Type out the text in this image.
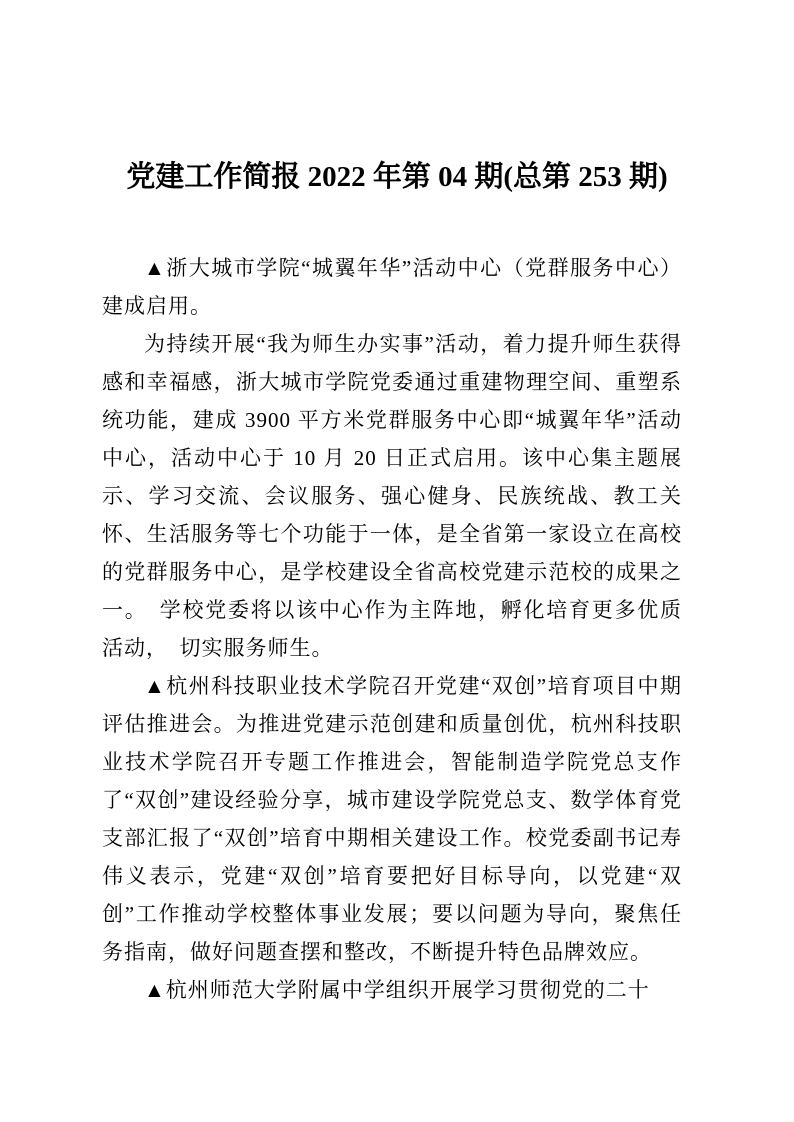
党建工作简报 2022 年第 04 期(总第 253 期)

▲浙大城市学院“城翼年华”活动中心（党群服务中心）建成启用。

为持续开展“我为师生办实事”活动，着力提升师生获得感和幸福感，浙大城市学院党委通过重建物理空间、重塑系统功能，建成 3900 平方米党群服务中心即“城翼年华”活动中心，活动中心于 10 月 20 日正式启用。该中心集主题展示、学习交流、会议服务、强心健身、民族统战、教工关怀、生活服务等七个功能于一体，是全省第一家设立在高校的党群服务中心，是学校建设全省高校党建示范校的成果之一。　学校党委将以该中心作为主阵地，孵化培育更多优质活动，　切实服务师生。

▲杭州科技职业技术学院召开党建“双创”培育项目中期评估推进会。为推进党建示范创建和质量创优，杭州科技职业技术学院召开专题工作推进会，智能制造学院党总支作了“双创”建设经验分享，城市建设学院党总支、数学体育党支部汇报了“双创”培育中期相关建设工作。校党委副书记寿伟义表示，党建“双创”培育要把好目标导向，以党建“双创”工作推动学校整体事业发展；要以问题为导向，聚焦任务指南，做好问题查摆和整改，不断提升特色品牌效应。

▲杭州师范大学附属中学组织开展学习贯彻党的二十
